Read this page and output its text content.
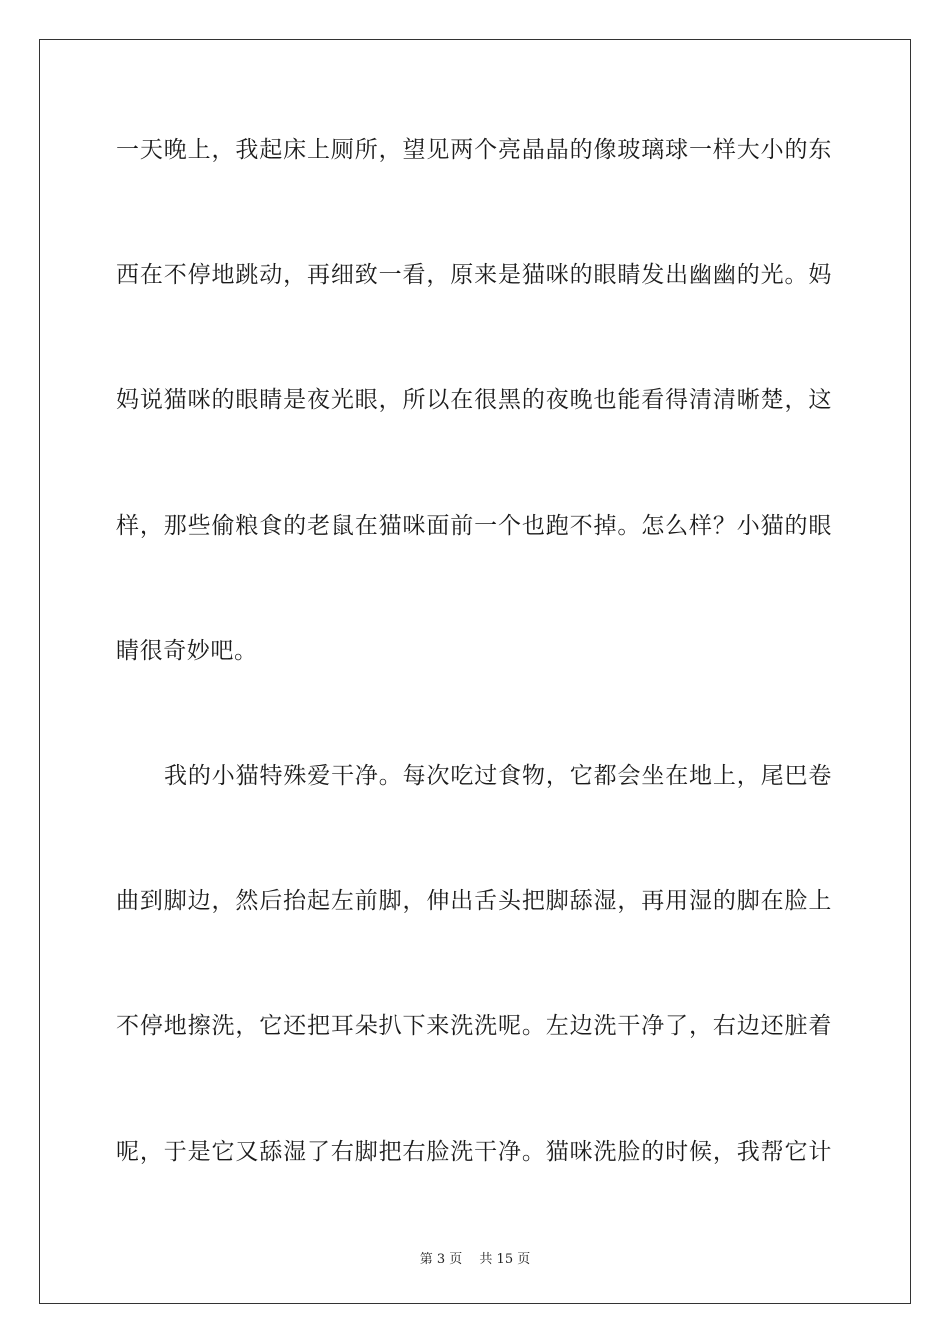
一天晚上，我起床上厕所，望见两个亮晶晶的像玻璃球一样大小的东
西在不停地跳动，再细致一看，原来是猫咪的眼睛发出幽幽的光。妈
妈说猫咪的眼睛是夜光眼，所以在很黑的夜晚也能看得清清晰楚，这
样，那些偷粮食的老鼠在猫咪面前一个也跑不掉。怎么样？小猫的眼
睛很奇妙吧。
我的小猫特殊爱干净。每次吃过食物，它都会坐在地上，尾巴卷
曲到脚边，然后抬起左前脚，伸出舌头把脚舔湿，再用湿的脚在脸上
不停地擦洗，它还把耳朵扒下来洗洗呢。左边洗干净了，右边还脏着
呢，于是它又舔湿了右脚把右脸洗干净。猫咪洗脸的时候，我帮它计
第 3 页　 共 15 页
